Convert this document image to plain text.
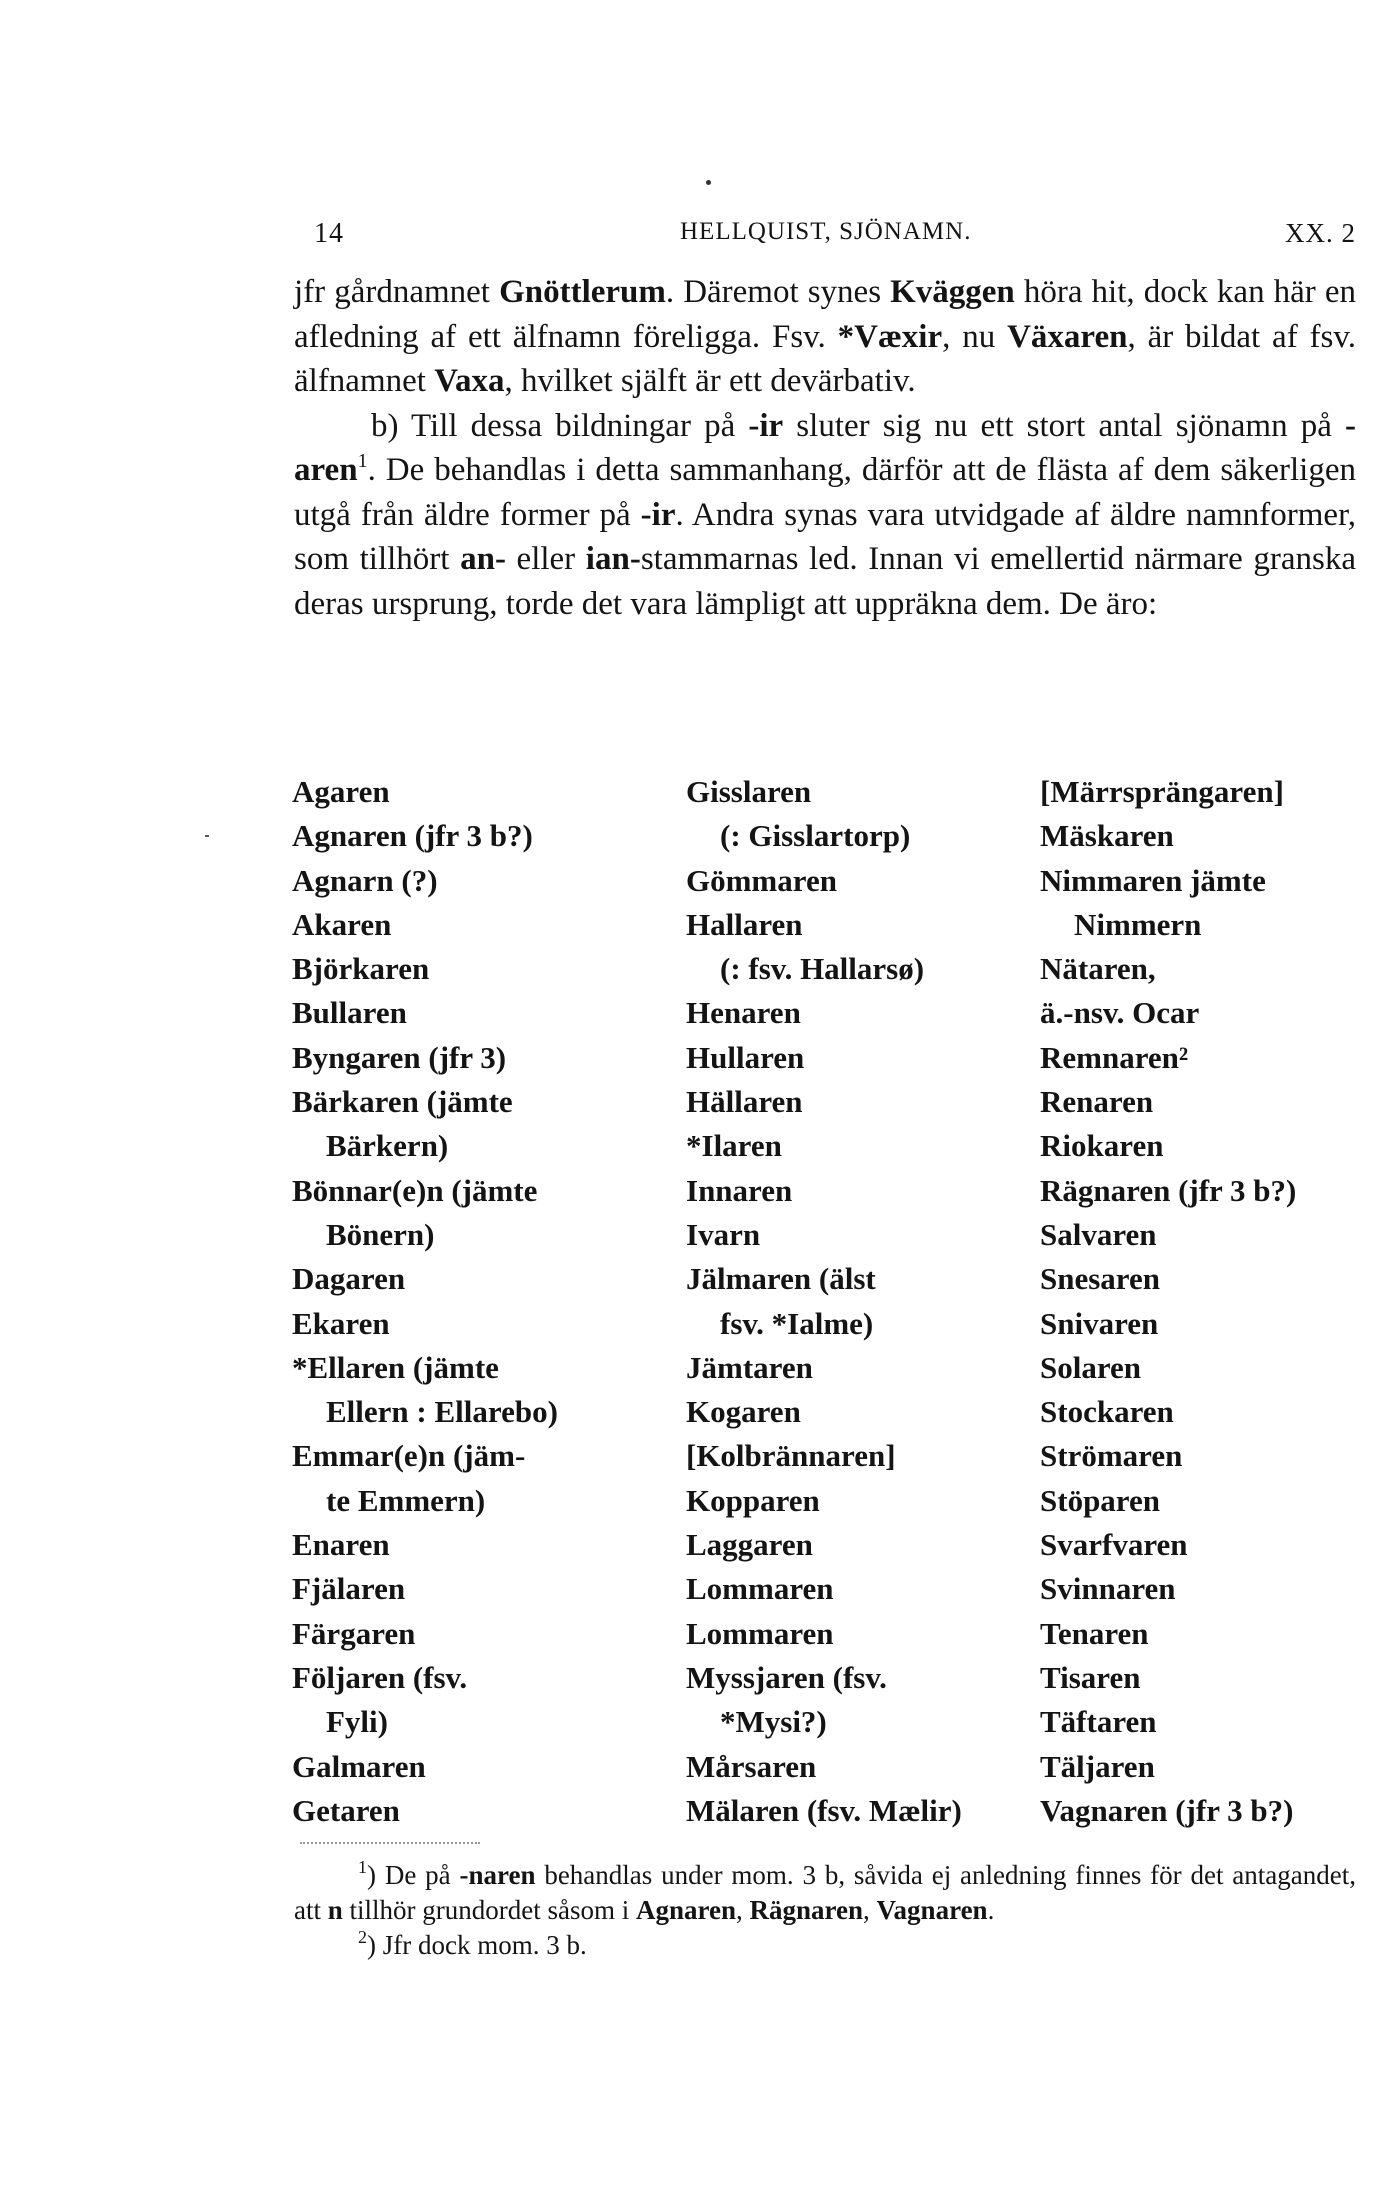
14	HELLQUIST, SJÖNAMN.	XX. 2

jfr gårdnamnet Gnöttlerum. Däremot synes Kväggen höra hit, dock kan här en afledning af ett älfnamn föreligga. Fsv. *Væxir, nu Växaren, är bildat af fsv. älfnamnet Vaxa, hvilket själft är ett devärbativ.

b) Till dessa bildningar på -ir sluter sig nu ett stort antal sjönamn på -aren$^1$. De behandlas i detta sammanhang, därför att de flästa af dem säkerligen utgå från äldre former på -ir. Andra synas vara utvidgade af äldre namnformer, som tillhört an- eller ian-stammarnas led. Innan vi emellertid närmare granska deras ursprung, torde det vara lämpligt att uppräkna dem. De äro:

Agaren
Agnaren (jfr 3 b?)
Agnarn (?)
Akaren
Björkaren
Bullaren
Byngaren (jfr 3)
Bärkaren (jämte
Bärkern)
Bönnar(e)n (jämte
Bönern)
Dagaren
Ekaren
*Ellaren (jämte
Ellern : Ellarebo)
Emmar(e)n (jäm-
te Emmern)
Enaren
Fjälaren
Färgaren
Följaren (fsv.
Fyli)
Galmaren
Getaren
Gisslaren
(: Gisslartorp)
Gömmaren
Hallaren
(: fsv. Hallarsø)
Henaren
Hullaren
Hällaren
*Ilaren
Innaren
Ivarn
Jälmaren (älst
fsv. *Ialme)
Jämtaren
Kogaren
[Kolbrännaren]
Kopparen
Laggaren
Lommaren
Lommaren
Myssjaren (fsv.
*Mysi?)
Mårsaren
Mälaren (fsv. Mælir)
[Märrsprängaren]
Mäskaren
Nimmaren jämte
Nimmern
Nätaren,
ä.-nsv. Ocar
Remnaren²
Renaren
Riokaren
Rägnaren (jfr 3 b?)
Salvaren
Snesaren
Snivaren
Solaren
Stockaren
Strömaren
Stöparen
Svarfvaren
Svinnaren
Tenaren
Tisaren
Täftaren
Täljaren
Vagnaren (jfr 3 b?)

$^1$) De på -naren behandlas under mom. 3 b, såvida ej anledning finnes för det antagandet, att n tillhör grundordet såsom i Agnaren, Rägnaren, Vagnaren.

$^2$) Jfr dock mom. 3 b.
